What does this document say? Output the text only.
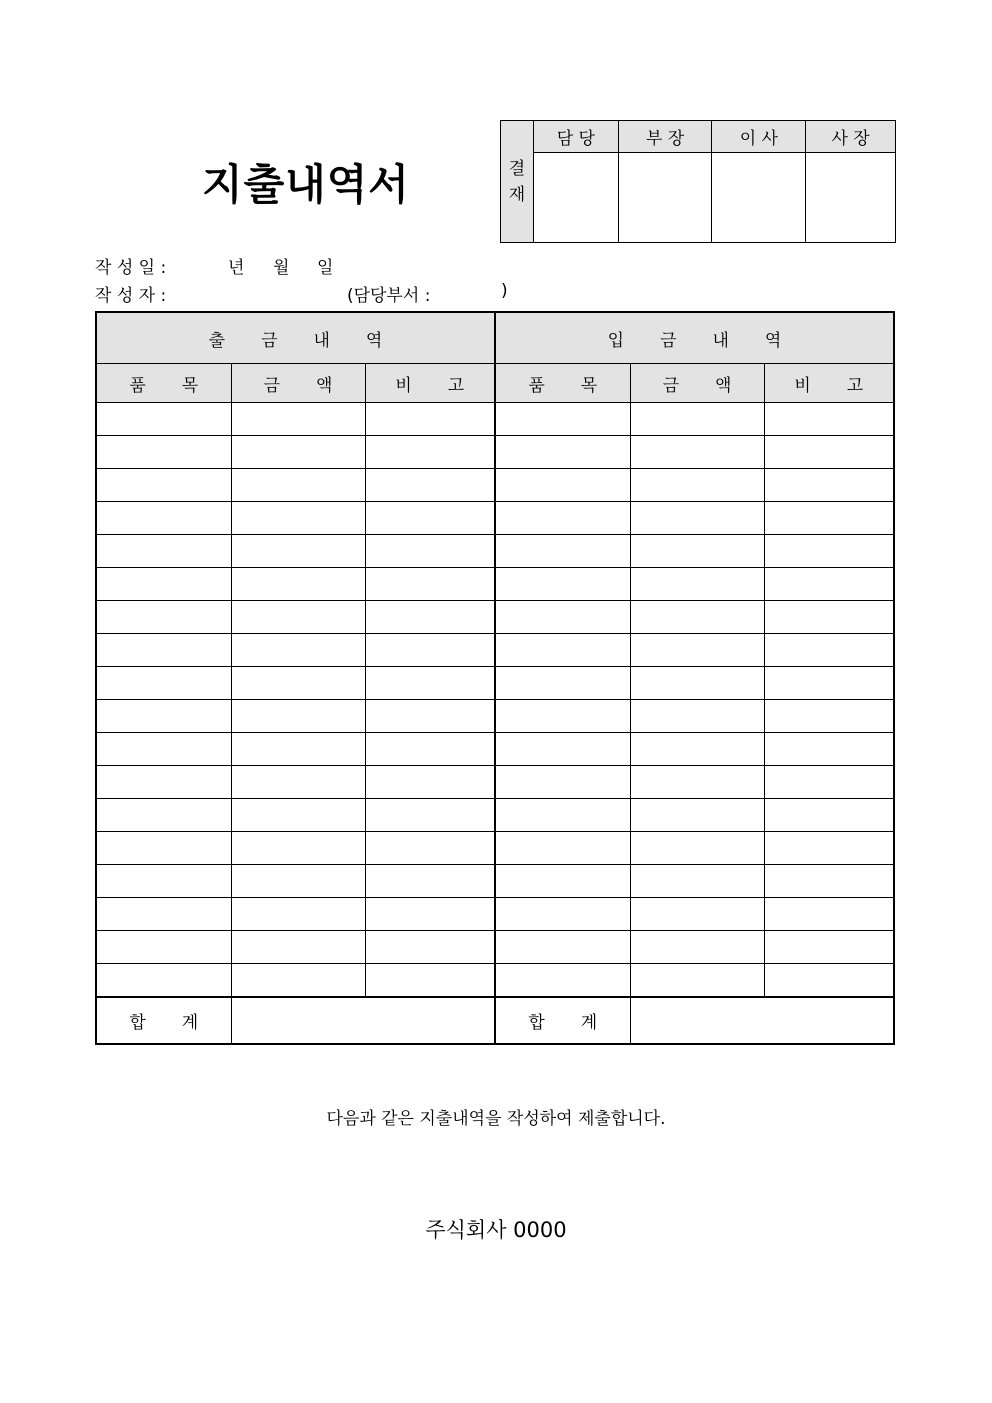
지출내역서	결
재	담 당	부 장	이 사	사 장

작 성 일 :	년 월 일
작 성 자 :	(담당부서 :	)
출 금 내 역			입 금 내 역		
품 목	금 액	비 고	품 목	금 액	비 고

합 계			합 계		
다음과 같은 지출내역을 작성하여 제출합니다.
주식회사 0000
